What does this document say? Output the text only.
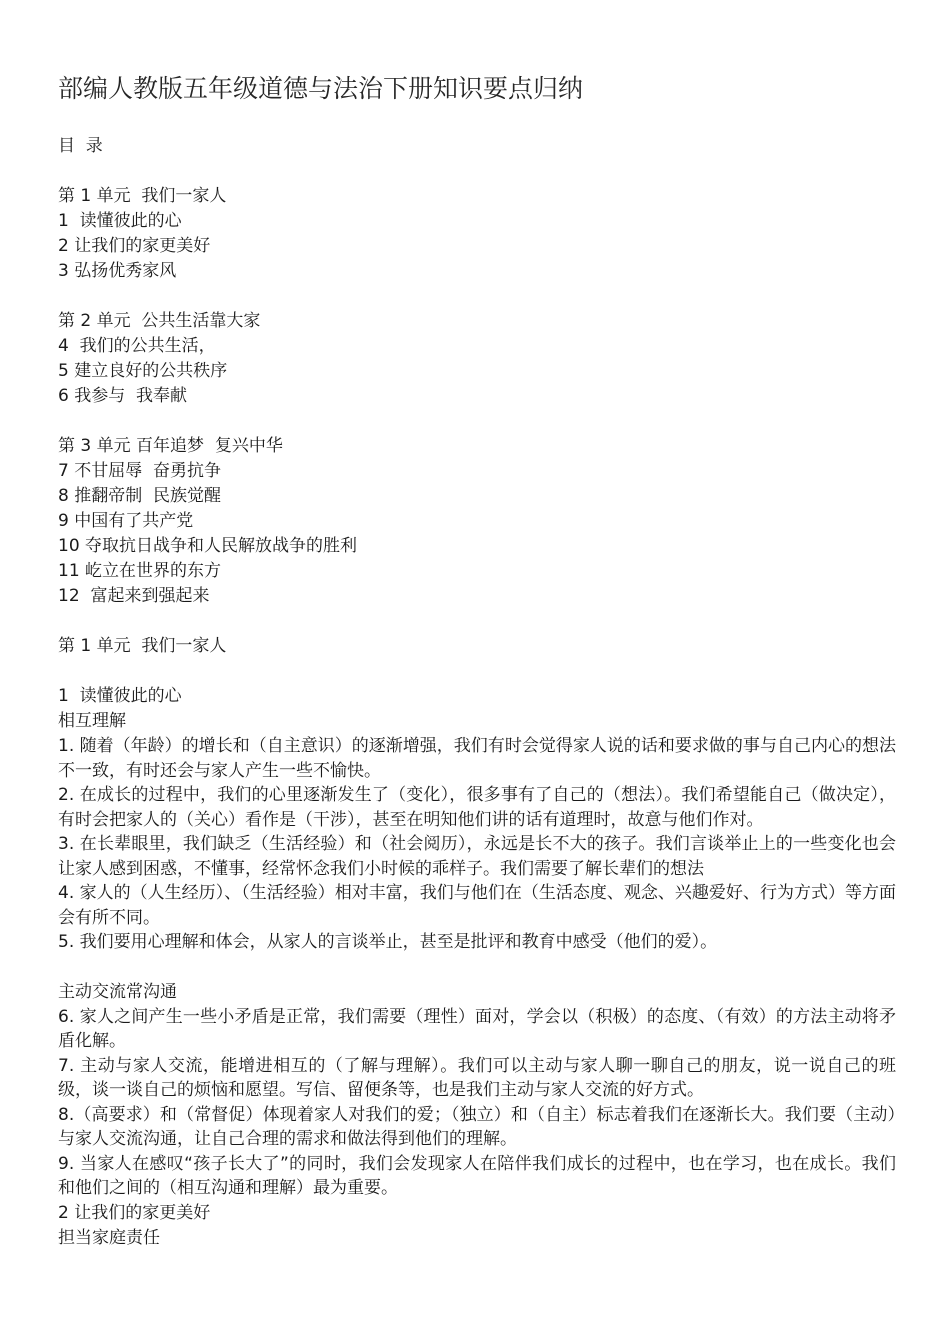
部编人教版五年级道德与法治下册知识要点归纳
目  录
第 1 单元  我们一家人
1  读懂彼此的心
2 让我们的家更美好
3 弘扬优秀家风
第 2 单元  公共生活靠大家
4  我们的公共生活，
5 建立良好的公共秩序
6 我参与  我奉献
第 3 单元 百年追梦  复兴中华
7 不甘屈辱  奋勇抗争
8 推翻帝制  民族觉醒
9 中国有了共产党
10 夺取抗日战争和人民解放战争的胜利
11 屹立在世界的东方
12  富起来到强起来
第 1 单元  我们一家人
1  读懂彼此的心
相互理解
1. 随着（年龄）的增长和（自主意识）的逐渐增强，我们有时会觉得家人说的话和要求做的事与自己内心的想法不一致，有时还会与家人产生一些不愉快。
2. 在成长的过程中，我们的心里逐渐发生了（变化），很多事有了自己的（想法）。我们希望能自己（做决定），有时会把家人的（关心）看作是（干涉），甚至在明知他们讲的话有道理时，故意与他们作对。
3. 在长辈眼里，我们缺乏（生活经验）和（社会阅历），永远是长不大的孩子。我们言谈举止上的一些变化也会让家人感到困惑，不懂事，经常怀念我们小时候的乖样子。我们需要了解长辈们的想法
4. 家人的（人生经历）、（生活经验）相对丰富，我们与他们在（生活态度、观念、兴趣爱好、行为方式）等方面会有所不同。
5. 我们要用心理解和体会，从家人的言谈举止，甚至是批评和教育中感受（他们的爱）。
主动交流常沟通
6. 家人之间产生一些小矛盾是正常，我们需要（理性）面对，学会以（积极）的态度、（有效）的方法主动将矛盾化解。
7. 主动与家人交流，能增进相互的（了解与理解）。我们可以主动与家人聊一聊自己的朋友，说一说自己的班级，谈一谈自己的烦恼和愿望。写信、留便条等，也是我们主动与家人交流的好方式。
8.（高要求）和（常督促）体现着家人对我们的爱；（独立）和（自主）标志着我们在逐渐长大。我们要（主动）与家人交流沟通，让自己合理的需求和做法得到他们的理解。
9. 当家人在感叹“孩子长大了”的同时，我们会发现家人在陪伴我们成长的过程中，也在学习，也在成长。我们和他们之间的（相互沟通和理解）最为重要。
2 让我们的家更美好
担当家庭责任
